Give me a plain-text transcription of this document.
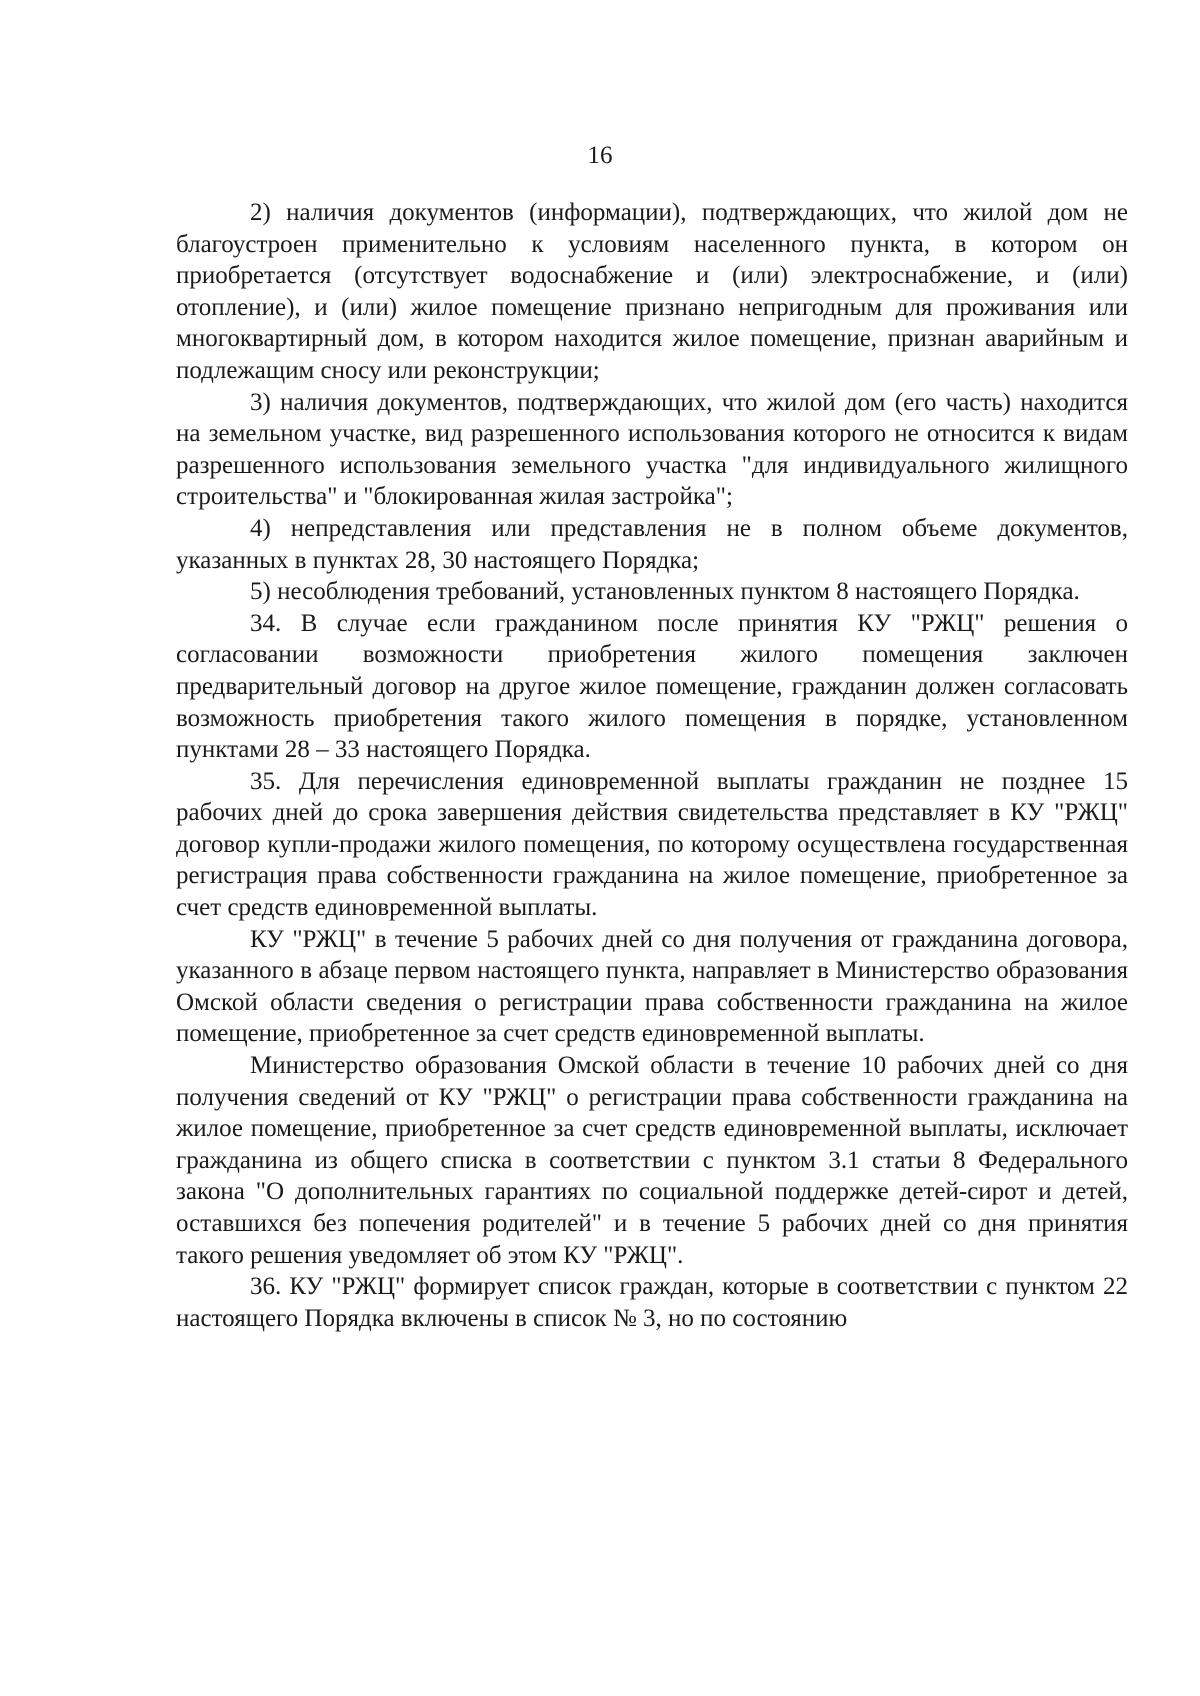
16

2) наличия документов (информации), подтверждающих, что жилой дом не благоустроен применительно к условиям населенного пункта, в котором он приобретается (отсутствует водоснабжение и (или) электроснабжение, и (или) отопление), и (или) жилое помещение признано непригодным для проживания или многоквартирный дом, в котором находится жилое помещение, признан аварийным и подлежащим сносу или реконструкции;

3) наличия документов, подтверждающих, что жилой дом (его часть) находится на земельном участке, вид разрешенного использования которого не относится к видам разрешенного использования земельного участка "для индивидуального жилищного строительства" и "блокированная жилая застройка";

4) непредставления или представления не в полном объеме документов, указанных в пунктах 28, 30 настоящего Порядка;

5) несоблюдения требований, установленных пунктом 8 настоящего Порядка.

34. В случае если гражданином после принятия КУ "РЖЦ" решения о согласовании возможности приобретения жилого помещения заключен предварительный договор на другое жилое помещение, гражданин должен согласовать возможность приобретения такого жилого помещения в порядке, установленном пунктами 28 – 33 настоящего Порядка.

35. Для перечисления единовременной выплаты гражданин не позднее 15 рабочих дней до срока завершения действия свидетельства представляет в КУ "РЖЦ" договор купли-продажи жилого помещения, по которому осуществлена государственная регистрация права собственности гражданина на жилое помещение, приобретенное за счет средств единовременной выплаты.

КУ "РЖЦ" в течение 5 рабочих дней со дня получения от гражданина договора, указанного в абзаце первом настоящего пункта, направляет в Министерство образования Омской области сведения о регистрации права собственности гражданина на жилое помещение, приобретенное за счет средств единовременной выплаты.

Министерство образования Омской области в течение 10 рабочих дней со дня получения сведений от КУ "РЖЦ" о регистрации права собственности гражданина на жилое помещение, приобретенное за счет средств единовременной выплаты, исключает гражданина из общего списка в соответствии с пунктом 3.1 статьи 8 Федерального закона "О дополнительных гарантиях по социальной поддержке детей-сирот и детей, оставшихся без попечения родителей" и в течение 5 рабочих дней со дня принятия такого решения уведомляет об этом КУ "РЖЦ".

36. КУ "РЖЦ" формирует список граждан, которые в соответствии с пунктом 22 настоящего Порядка включены в список № 3, но по состоянию
